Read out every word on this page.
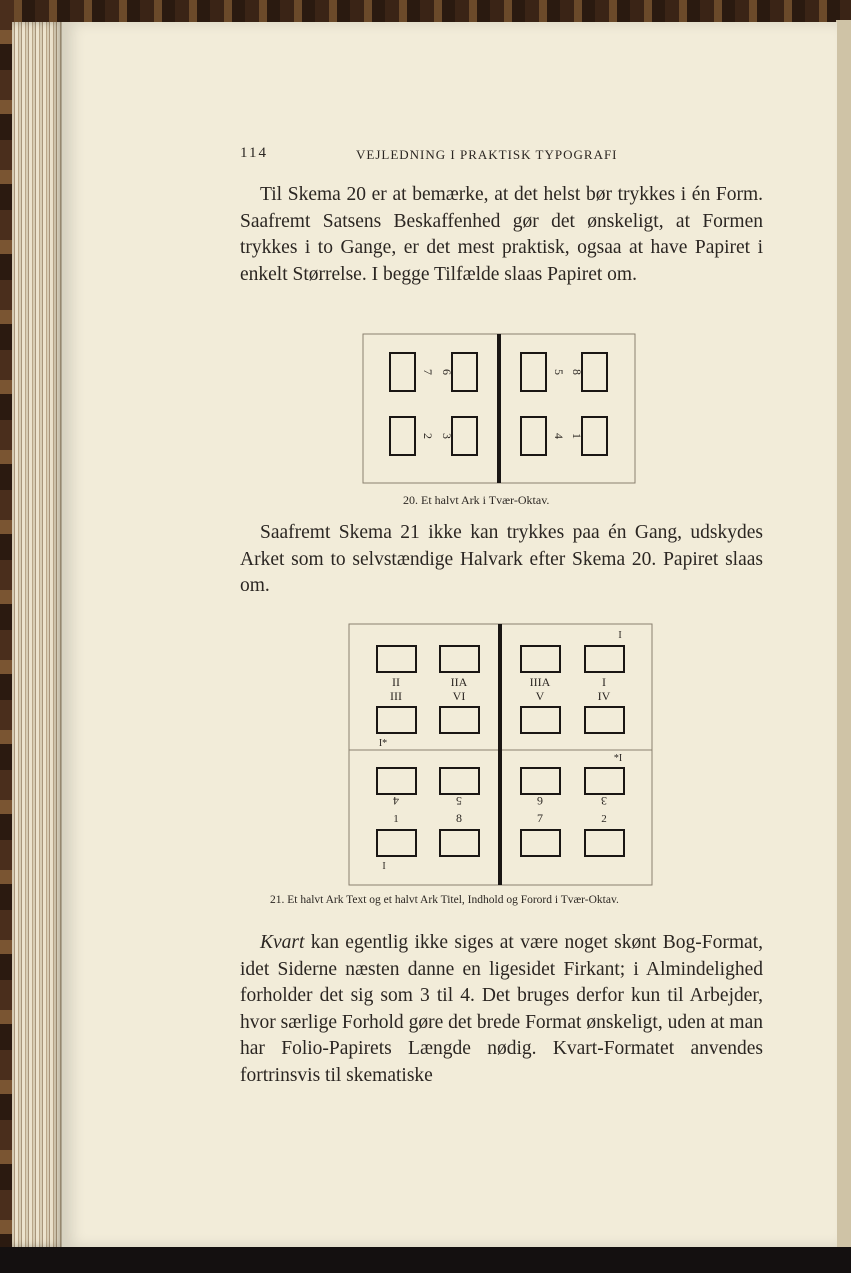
114	VEJLEDNING I PRAKTISK TYPOGRAFI

Til Skema 20 er at bemærke, at det helst bør trykkes i én Form. Saafremt Satsens Beskaffenhed gør det ønskeligt, at Formen trykkes i to Gange, er det mest praktisk, ogsaa at have Papiret i enkelt Størrelse. I begge Tilfælde slaas Papiret om.

7 6	5 8
2 3	4 1
20. Et halvt Ark i Tvær-Oktav.

Saafremt Skema 21 ikke kan trykkes paa én Gang, udskydes Arket som to selvstændige Halvark efter Skema 20. Papiret slaas om.

I
II
III
IIA
VI
IIIA
V
I
IV
I*
*I
4
1
5
8
6
7
3
2
I
21. Et halvt Ark Text og et halvt Ark Titel, Indhold og Forord i Tvær-Oktav.

Kvart kan egentlig ikke siges at være noget skønt Bog-Format, idet Siderne næsten danne en ligesidet Firkant; i Almindelighed forholder det sig som 3 til 4. Det bruges derfor kun til Arbejder, hvor særlige Forhold gøre det brede Format ønskeligt, uden at man har Folio-Papirets Længde nødig. Kvart-Formatet anvendes fortrinsvis til skematiske
